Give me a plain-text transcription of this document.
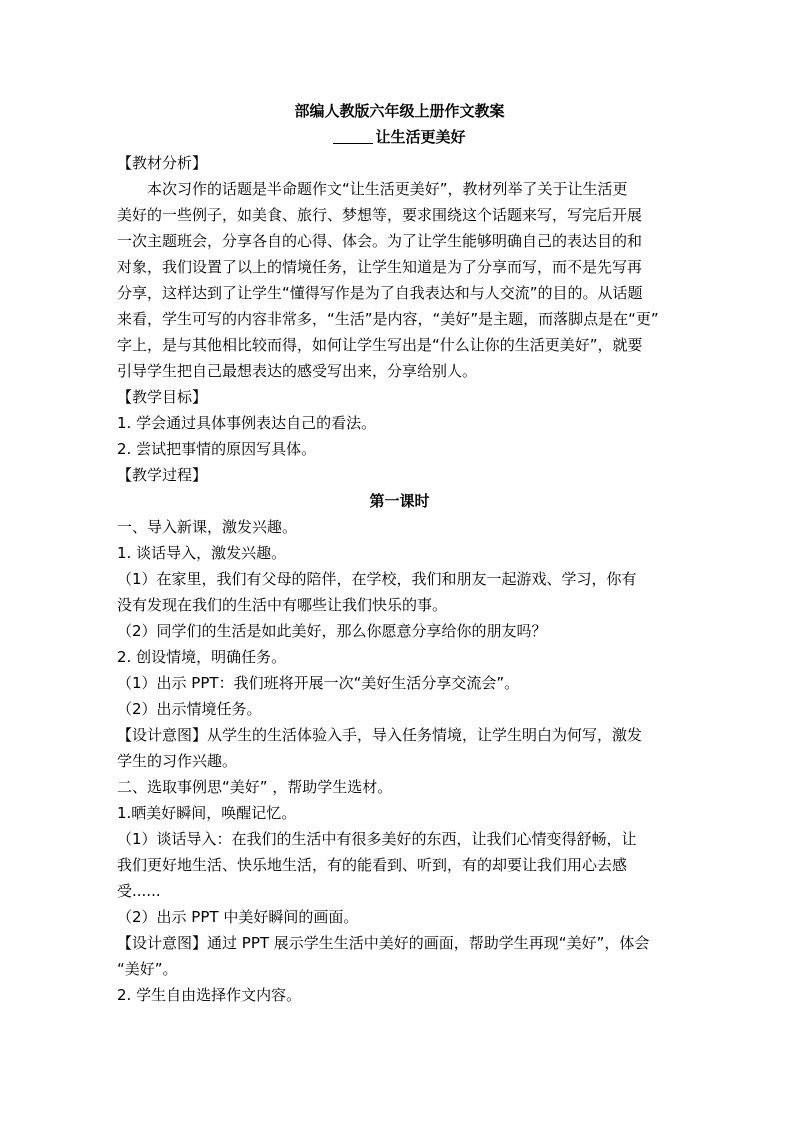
部编人教版六年级上册作文教案
让生活更美好
【教材分析】
本次习作的话题是半命题作文“让生活更美好”，教材列举了关于让生活更
美好的一些例子，如美食、旅行、梦想等，要求围绕这个话题来写，写完后开展
一次主题班会，分享各自的心得、体会。为了让学生能够明确自己的表达目的和
对象，我们设置了以上的情境任务，让学生知道是为了分享而写，而不是先写再
分享，这样达到了让学生“懂得写作是为了自我表达和与人交流”的目的。从话题
来看，学生可写的内容非常多，“生活”是内容，“美好”是主题，而落脚点是在“更”
字上，是与其他相比较而得，如何让学生写出是“什么让你的生活更美好”，就要
引导学生把自己最想表达的感受写出来，分享给别人。
【教学目标】
1. 学会通过具体事例表达自己的看法。
2. 尝试把事情的原因写具体。
【教学过程】
第一课时
一、导入新课，激发兴趣。
1. 谈话导入，激发兴趣。
（1）在家里，我们有父母的陪伴，在学校，我们和朋友一起游戏、学习，你有
没有发现在我们的生活中有哪些让我们快乐的事。
（2）同学们的生活是如此美好，那么你愿意分享给你的朋友吗？
2. 创设情境，明确任务。
（1）出示 PPT：我们班将开展一次“美好生活分享交流会”。
（2）出示情境任务。
【设计意图】从学生的生活体验入手，导入任务情境，让学生明白为何写，激发
学生的习作兴趣。
二、选取事例思“美好” ，帮助学生选材。
1.晒美好瞬间，唤醒记忆。
（1）谈话导入：在我们的生活中有很多美好的东西，让我们心情变得舒畅，让
我们更好地生活、快乐地生活，有的能看到、听到，有的却要让我们用心去感
受......
（2）出示 PPT 中美好瞬间的画面。
【设计意图】通过 PPT 展示学生生活中美好的画面，帮助学生再现“美好”，体会
“美好”。
2. 学生自由选择作文内容。
